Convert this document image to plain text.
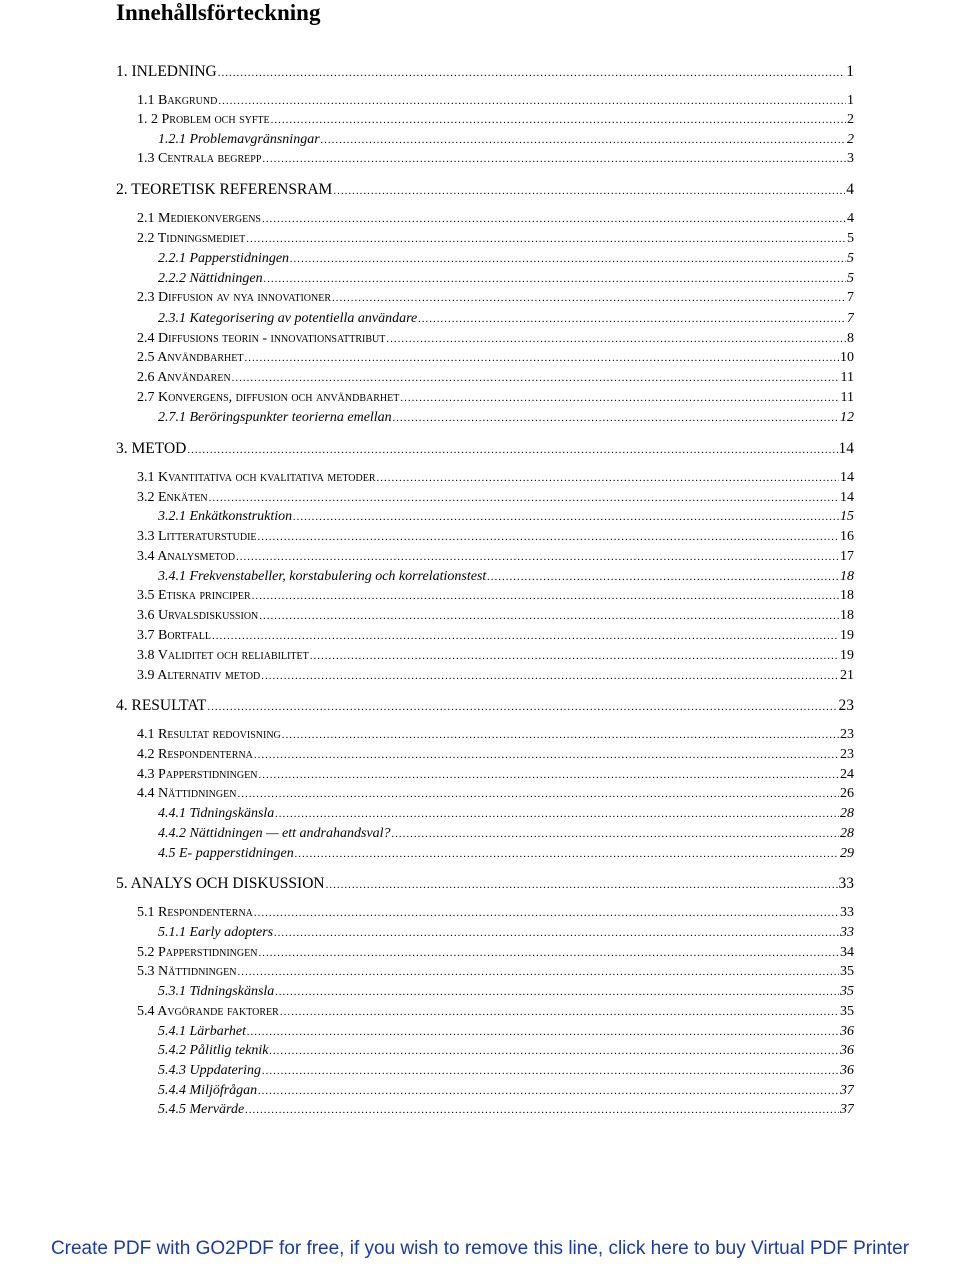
Innehållsförteckning
1. INLEDNING .....	1
1.1 Bakgrund .....	1
1. 2 Problem och syfte .....	2
1.2.1 Problemavgränsningar .....	2
1.3 Centrala begrepp .....	3
2. TEORETISK REFERENSRAM .....	4
2.1 Mediekonvergens .....	4
2.2 Tidningsmediet .....	5
2.2.1 Papperstidningen .....	5
2.2.2 Nättidningen .....	5
2.3 Diffusion av nya innovationer .....	7
2.3.1 Kategorisering av potentiella användare .....	7
2.4 Diffusions teorin - innovationsattribut .....	8
2.5 Användbarhet .....	10
2.6 Användaren .....	11
2.7 Konvergens, diffusion och användbarhet .....	11
2.7.1 Beröringspunkter teorierna emellan .....	12
3. METOD .....	14
3.1 Kvantitativa och kvalitativa metoder .....	14
3.2 Enkäten .....	14
3.2.1 Enkätkonstruktion .....	15
3.3 Litteraturstudie .....	16
3.4 Analysmetod .....	17
3.4.1 Frekvenstabeller, korstabulering och korrelationstest .....	18
3.5 Etiska principer .....	18
3.6 Urvalsdiskussion .....	18
3.7 Bortfall .....	19
3.8 Validitet och reliabilitet .....	19
3.9 Alternativ metod .....	21
4. RESULTAT .....	23
4.1 Resultat redovisning .....	23
4.2 Respondenterna .....	23
4.3 Papperstidningen .....	24
4.4 Nättidningen .....	26
4.4.1 Tidningskänsla .....	28
4.4.2 Nättidningen — ett andrahandsval? .....	28
4.5 E- papperstidningen .....	29
5. ANALYS OCH DISKUSSION .....	33
5.1 Respondenterna .....	33
5.1.1 Early adopters .....	33
5.2 Papperstidningen .....	34
5.3 Nättidningen .....	35
5.3.1 Tidningskänsla .....	35
5.4 Avgörande faktorer .....	35
5.4.1 Lärbarhet .....	36
5.4.2 Pålitlig teknik .....	36
5.4.3 Uppdatering .....	36
5.4.4 Miljöfrågan .....	37
5.4.5 Mervärde .....	37
Create PDF with GO2PDF for free, if you wish to remove this line, click here to buy Virtual PDF Printer
